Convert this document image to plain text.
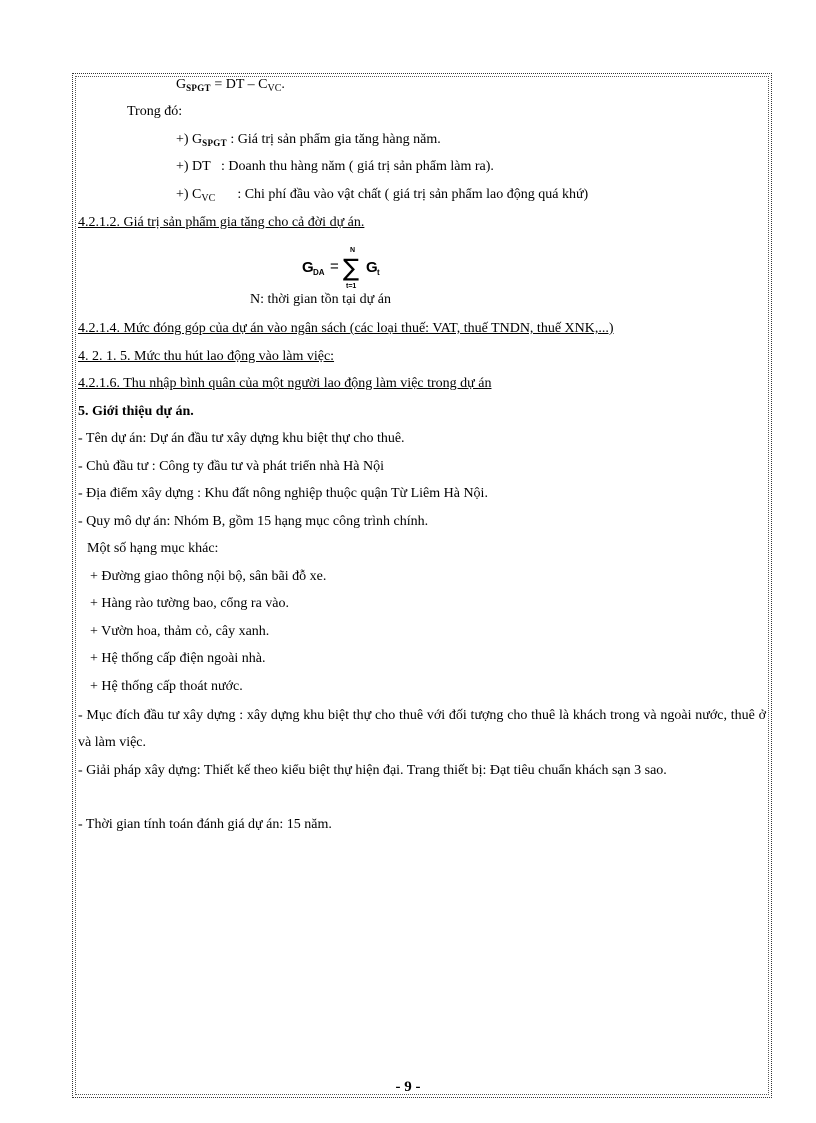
$G_{SPGT}$ = DT – $C_{VC}$.
Trong đó:
+) $G_{SPGT}$ : Giá trị sản phẩm gia tăng hàng năm.
+) DT : Doanh thu hàng năm ( giá trị sản phẩm làm ra).
+) $C_{VC}$ : Chi phí đầu vào vật chất ( giá trị sản phẩm lao động quá khứ)
4.2.1.2. Giá trị sản phẩm gia tăng cho cả đời dự án.
G DA =
N
∑
t=1
G t
N: thời gian tồn tại dự án
4.2.1.4. Mức đóng góp của dự án vào ngân sách (các loại thuế: VAT, thuế TNDN, thuế XNK,...)
4. 2. 1. 5. Mức thu hút lao động vào làm việc:
4.2.1.6. Thu nhập bình quân của một người lao động làm việc trong dự án
5. Giới thiệu dự án.
- Tên dự án: Dự án đầu tư xây dựng khu biệt thự cho thuê.
- Chủ đầu tư : Công ty đầu tư và phát triển nhà Hà Nội
- Địa điểm xây dựng : Khu đất nông nghiệp thuộc quận Từ Liêm Hà Nội.
- Quy mô dự án: Nhóm B, gồm 15 hạng mục công trình chính.
Một số hạng mục khác:
+ Đường giao thông nội bộ, sân bãi đỗ xe.
+ Hàng rào tường bao, cổng ra vào.
+ Vườn hoa, thảm cỏ, cây xanh.
+ Hệ thống cấp điện ngoài nhà.
+ Hệ thống cấp thoát nước.
- Mục đích đầu tư xây dựng : xây dựng khu biệt thự cho thuê với đối tượng cho thuê là khách trong và ngoài nước, thuê ở và làm việc.
- Giải pháp xây dựng: Thiết kế theo kiểu biệt thự hiện đại. Trang thiết bị: Đạt tiêu chuẩn khách sạn 3 sao.
- Thời gian tính toán đánh giá dự án: 15 năm.
- 9 -
